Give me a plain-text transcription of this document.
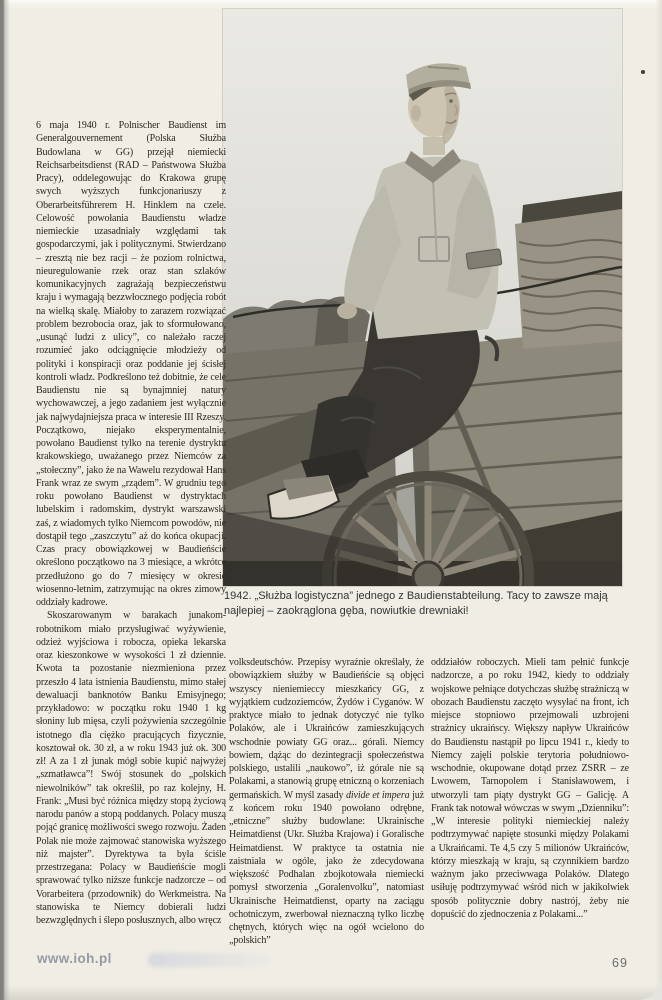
1942. „Służba logistyczna” jednego z Baudienstabteilung. Tacy to zawsze mają najlepiej – zaokrąglona gęba, nowiutkie drewniaki!

6 maja 1940 r. Polnischer Baudienst im Generalgouvernement (Polska Służba Budowlana w GG) przejął niemiecki Reichsarbeitsdienst (RAD – Państwowa Służba Pracy), oddelegowując do Krakowa grupę swych wyższych funkcjonariuszy z Oberarbeitsführerem H. Hinklem na czele. Celowość powołania Baudienstu władze niemieckie uzasadniały względami tak gospodarczymi, jak i politycznymi. Stwierdzano – zresztą nie bez racji – że poziom rolnictwa, nieuregulowanie rzek oraz stan szlaków komunikacyjnych zagrażają bezpieczeństwu kraju i wymagają bezzwłocznego podjęcia robót na wielką skalę. Miałoby to zarazem rozwiązać problem bezrobocia oraz, jak to sformułowano, „usunąć ludzi z ulicy”, co należało raczej rozumieć jako odciągnięcie młodzieży od polityki i konspiracji oraz poddanie jej ścisłej kontroli władz. Podkreślono też dobitnie, że cele Baudienstu nie są bynajmniej natury wychowawczej, a jego zadaniem jest wyłącznie jak najwydajniejsza praca w interesie III Rzeszy. Początkowo, niejako eksperymentalnie, powołano Baudienst tylko na terenie dystryktu krakowskiego, uważanego przez Niemców za „stołeczny”, jako że na Wawelu rezydował Hans Frank wraz ze swym „rządem”. W grudniu tego roku powołano Baudienst w dystryktach lubelskim i radomskim, dystrykt warszawski zaś, z wiadomych tylko Niemcom powodów, nie dostąpił tego „zaszczytu” aż do końca okupacji. Czas pracy obowiązkowej w Baudieńście określono początkowo na 3 miesiące, a wkrótce przedłużono go do 7 miesięcy w okresie wiosenno-letnim, zatrzymując na okres zimowy oddziały kadrowe.

Skoszarowanym w barakach junakom-robotnikom miało przysługiwać wyżywienie, odzież wyjściowa i robocza, opieka lekarska oraz kieszonkowe w wysokości 1 zł dziennie. Kwota ta pozostanie niezmieniona przez przeszło 4 lata istnienia Baudienstu, mimo stałej dewaluacji banknotów Banku Emisyjnego; przykładowo: w początku roku 1940 1 kg słoniny lub mięsa, czyli pożywienia szczególnie istotnego dla ciężko pracujących fizycznie, kosztował ok. 30 zł, a w roku 1943 już ok. 300 zł! A za 1 zł junak mógł sobie kupić najwyżej „szmatławca”! Swój stosunek do „polskich niewolników” tak określił, po raz kolejny, H. Frank: „Musi być różnica między stopą życiową narodu panów a stopą poddanych. Polacy muszą pojąć granicę możliwości swego rozwoju. Żaden Polak nie może zajmować stanowiska wyższego niż majster”. Dyrektywa ta była ściśle przestrzegana: Polacy w Baudieńście mogli sprawować tylko niższe funkcje nadzorcze – od Vorarbeitera (przodownik) do Werkmeistra. Na stanowiska te Niemcy dobierali ludzi bezwzględnych i ślepo posłusznych, albo wręcz

volksdeutschów. Przepisy wyraźnie określały, że obowiązkiem służby w Baudieńście są objęci wszyscy nieniemieccy mieszkańcy GG, z wyjątkiem cudzoziemców, Żydów i Cyganów. W praktyce miało to jednak dotyczyć nie tylko Polaków, ale i Ukraińców zamieszkujących wschodnie powiaty GG oraz... górali. Niemcy bowiem, dążąc do dezintegracji społeczeństwa polskiego, ustalili „naukowo”, iż górale nie są Polakami, a stanowią grupę etniczną o korzeniach germańskich. W myśl zasady divide et impera już z końcem roku 1940 powołano odrębne, „etniczne” służby budowlane: Ukrainische Heimatdienst (Ukr. Służba Krajowa) i Goralische Heimatdienst. W praktyce ta ostatnia nie zaistniała w ogóle, jako że zdecydowana większość Podhalan zbojkotowała niemiecki pomysł stworzenia „Goralenvolku”, natomiast Ukrainische Heimatdienst, oparty na zaciągu ochotniczym, zwerbował nieznaczną tylko liczbę chętnych, których więc na ogół wcielono do „polskich”

oddziałów roboczych. Mieli tam pełnić funkcje nadzorcze, a po roku 1942, kiedy to oddziały wojskowe pełniące dotychczas służbę strażniczą w obozach Baudienstu zaczęto wysyłać na front, ich miejsce stopniowo przejmowali uzbrojeni strażnicy ukraińscy. Większy napływ Ukraińców do Baudienstu nastąpił po lipcu 1941 r., kiedy to Niemcy zajęli polskie terytoria południowo-wschodnie, okupowane dotąd przez ZSRR – ze Lwowem, Tarnopolem i Stanisławowem, i utworzyli tam piąty dystrykt GG – Galicję. A Frank tak notował wówczas w swym „Dzienniku”: „W interesie polityki niemieckiej należy podtrzymywać napięte stosunki między Polakami a Ukraińcami. Te 4,5 czy 5 milionów Ukraińców, którzy mieszkają w kraju, są czynnikiem bardzo ważnym jako przeciwwaga Polaków. Dlatego usiłuję podtrzymywać wśród nich w jakikolwiek sposób politycznie dobry nastrój, żeby nie dopuścić do zjednoczenia z Polakami...”

www.ioh.pl	69
